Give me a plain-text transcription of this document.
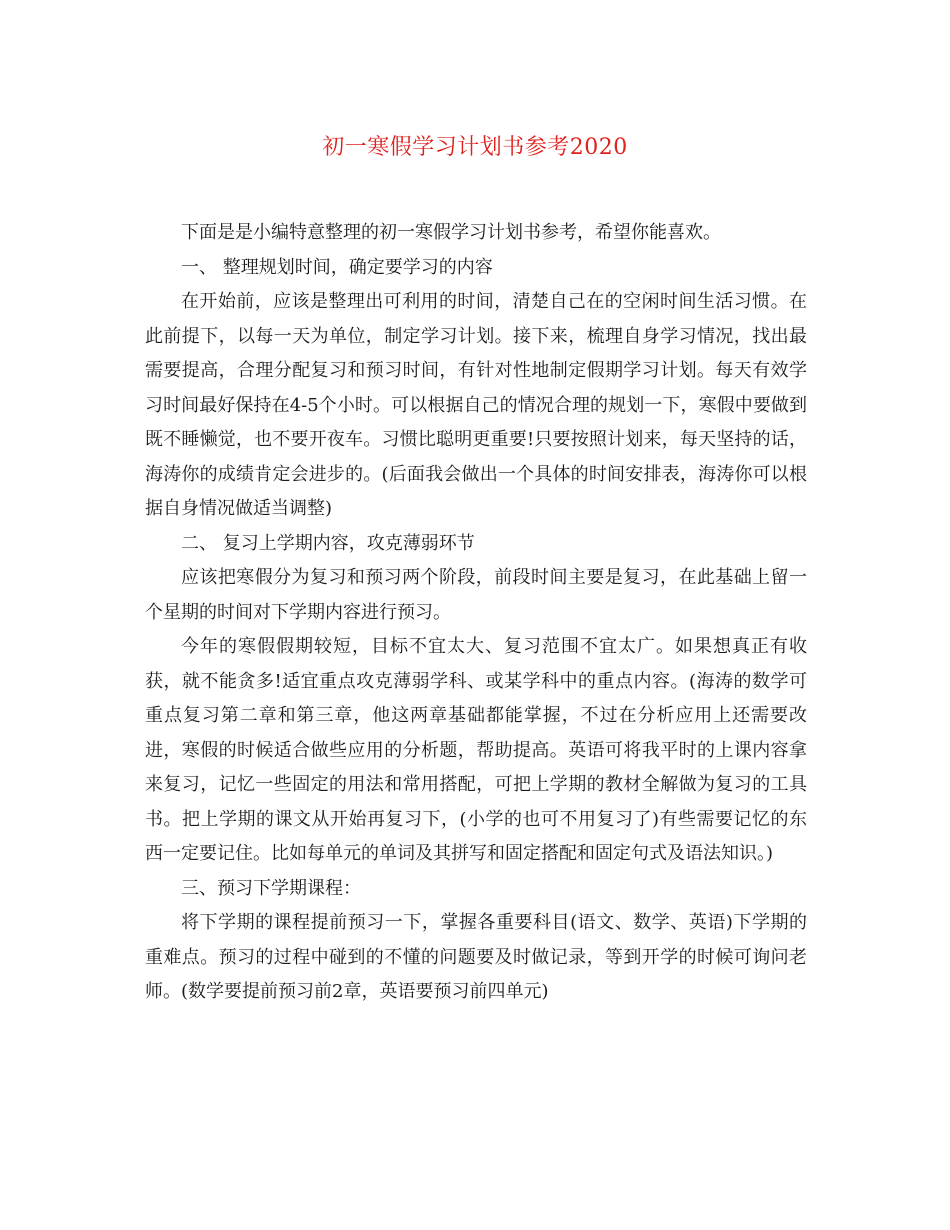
初一寒假学习计划书参考2020

下面是是小编特意整理的初一寒假学习计划书参考，希望你能喜欢。

一、 整理规划时间，确定要学习的内容

在开始前，应该是整理出可利用的时间，清楚自己在的空闲时间生活习惯。在此前提下，以每一天为单位，制定学习计划。接下来，梳理自身学习情况，找出最需要提高，合理分配复习和预习时间，有针对性地制定假期学习计划。每天有效学习时间最好保持在4-5个小时。可以根据自己的情况合理的规划一下，寒假中要做到既不睡懒觉，也不要开夜车。习惯比聪明更重要!只要按照计划来，每天坚持的话，海涛你的成绩肯定会进步的。(后面我会做出一个具体的时间安排表，海涛你可以根据自身情况做适当调整)

二、 复习上学期内容，攻克薄弱环节

应该把寒假分为复习和预习两个阶段，前段时间主要是复习，在此基础上留一个星期的时间对下学期内容进行预习。

今年的寒假假期较短，目标不宜太大、复习范围不宜太广。如果想真正有收获，就不能贪多!适宜重点攻克薄弱学科、或某学科中的重点内容。(海涛的数学可重点复习第二章和第三章，他这两章基础都能掌握，不过在分析应用上还需要改进，寒假的时候适合做些应用的分析题，帮助提高。英语可将我平时的上课内容拿来复习，记忆一些固定的用法和常用搭配，可把上学期的教材全解做为复习的工具书。把上学期的课文从开始再复习下，(小学的也可不用复习了)有些需要记忆的东西一定要记住。比如每单元的单词及其拼写和固定搭配和固定句式及语法知识。)

三、预习下学期课程：

将下学期的课程提前预习一下，掌握各重要科目(语文、数学、英语)下学期的重难点。预习的过程中碰到的不懂的问题要及时做记录，等到开学的时候可询问老师。(数学要提前预习前2章，英语要预习前四单元)
